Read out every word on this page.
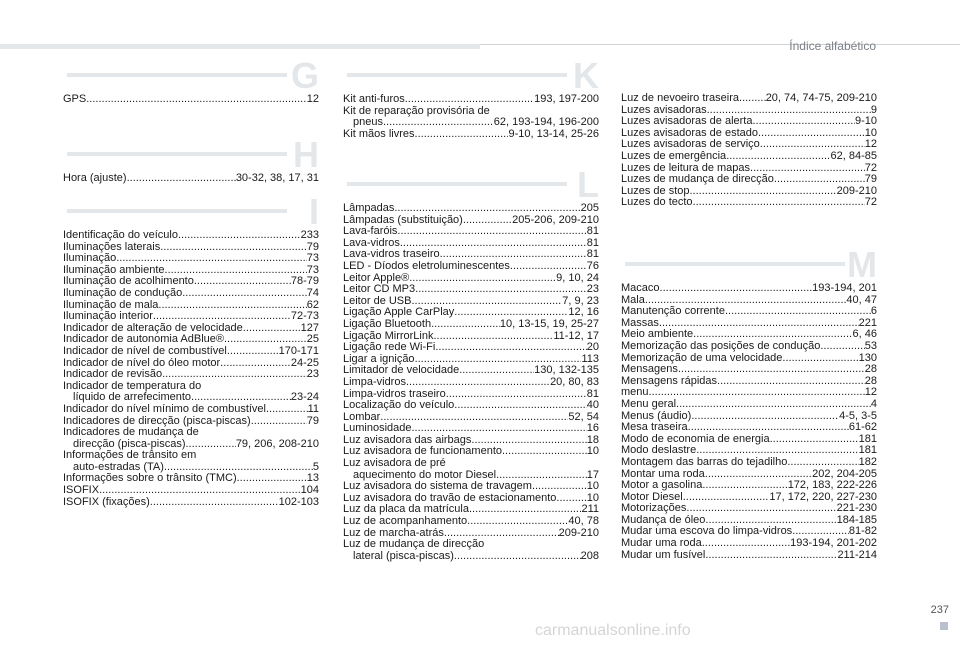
Índice alfabético
G
GPS .....	12
H
Hora (ajuste) .....	30-32, 38, 17, 31
I
Identificação do veículo .....	233
Iluminações laterais .....	79
Iluminação .....	73
Iluminação ambiente .....	73
Iluminação de acolhimento .....	78-79
Iluminação de condução .....	74
Iluminação de mala .....	62
Iluminação interior .....	72-73
Indicador de alteração de velocidade .....	127
Indicador de autonomia AdBlue® .....	25
Indicador de nível de combustível .....	170-171
Indicador de nível do óleo motor .....	24-25
Indicador de revisão .....	23
Indicador de temperatura do
líquido de arrefecimento .....	23-24
Indicador do nível mínimo de combustível .....	11
Indicadores de direcção (pisca-piscas) .....	79
Indicadores de mudança de
direcção (pisca-piscas) .....	79, 206, 208-210
Informações de trânsito em
auto-estradas (TA) .....	5
Informações sobre o trânsito (TMC) .....	13
ISOFIX .....	104
ISOFIX (fixações) .....	102-103
K
Kit anti-furos .....	193, 197-200
Kit de reparação provisória de
pneus .....	62, 193-194, 196-200
Kit mãos livres .....	9-10, 13-14, 25-26
L
Lâmpadas .....	205
Lâmpadas (substituição) .....	205-206, 209-210
Lava-faróis .....	81
Lava-vidros .....	81
Lava-vidros traseiro .....	81
LED - Díodos eletroluminescentes .....	76
Leitor Apple® .....	9, 10, 24
Leitor CD MP3 .....	23
Leitor de USB .....	7, 9, 23
Ligação Apple CarPlay .....	12, 16
Ligação Bluetooth .....	10, 13-15, 19, 25-27
Ligação MirrorLink .....	11-12, 17
Ligação rede Wi-Fi .....	20
Ligar a ignição .....	113
Limitador de velocidade .....	130, 132-135
Limpa-vidros .....	20, 80, 83
Limpa-vidros traseiro .....	81
Localização do veículo .....	40
Lombar .....	52, 54
Luminosidade .....	16
Luz avisadora das airbags .....	18
Luz avisadora de funcionamento .....	10
Luz avisadora de pré
aquecimento do motor Diesel .....	17
Luz avisadora do sistema de travagem .....	10
Luz avisadora do travão de estacionamento .....	10
Luz da placa da matrícula .....	211
Luz de acompanhamento .....	40, 78
Luz de marcha-atrás .....	209-210
Luz de mudança de direcção
lateral (pisca-piscas) .....	208
Luz de nevoeiro traseira ..... 20, 74, 74-75, 209-210
Luzes avisadoras .....	9
Luzes avisadoras de alerta .....	9-10
Luzes avisadoras de estado .....	10
Luzes avisadoras de serviço .....	12
Luzes de emergência .....	62, 84-85
Luzes de leitura de mapas .....	72
Luzes de mudança de direcção .....	79
Luzes de stop .....	209-210
Luzes do tecto .....	72
M
Macaco .....	193-194, 201
Mala .....	40, 47
Manutenção corrente .....	6
Massas .....	221
Meio ambiente .....	6, 46
Memorização das posições de condução .....	53
Memorização de uma velocidade .....	130
Mensagens .....	28
Mensagens rápidas .....	28
menu .....	12
Menu geral .....	4
Menus (áudio) .....	4-5, 3-5
Mesa traseira .....	61-62
Modo de economia de energia .....	181
Modo deslastre .....	181
Montagem das barras do tejadilho .....	182
Montar uma roda .....	202, 204-205
Motor a gasolina .....	172, 183, 222-226
Motor Diesel .....	17, 172, 220, 227-230
Motorizações .....	221-230
Mudança de óleo .....	184-185
Mudar uma escova do limpa-vidros .....	81-82
Mudar uma roda .....	193-194, 201-202
Mudar um fusível .....	211-214
carmanualsonline.info
237
